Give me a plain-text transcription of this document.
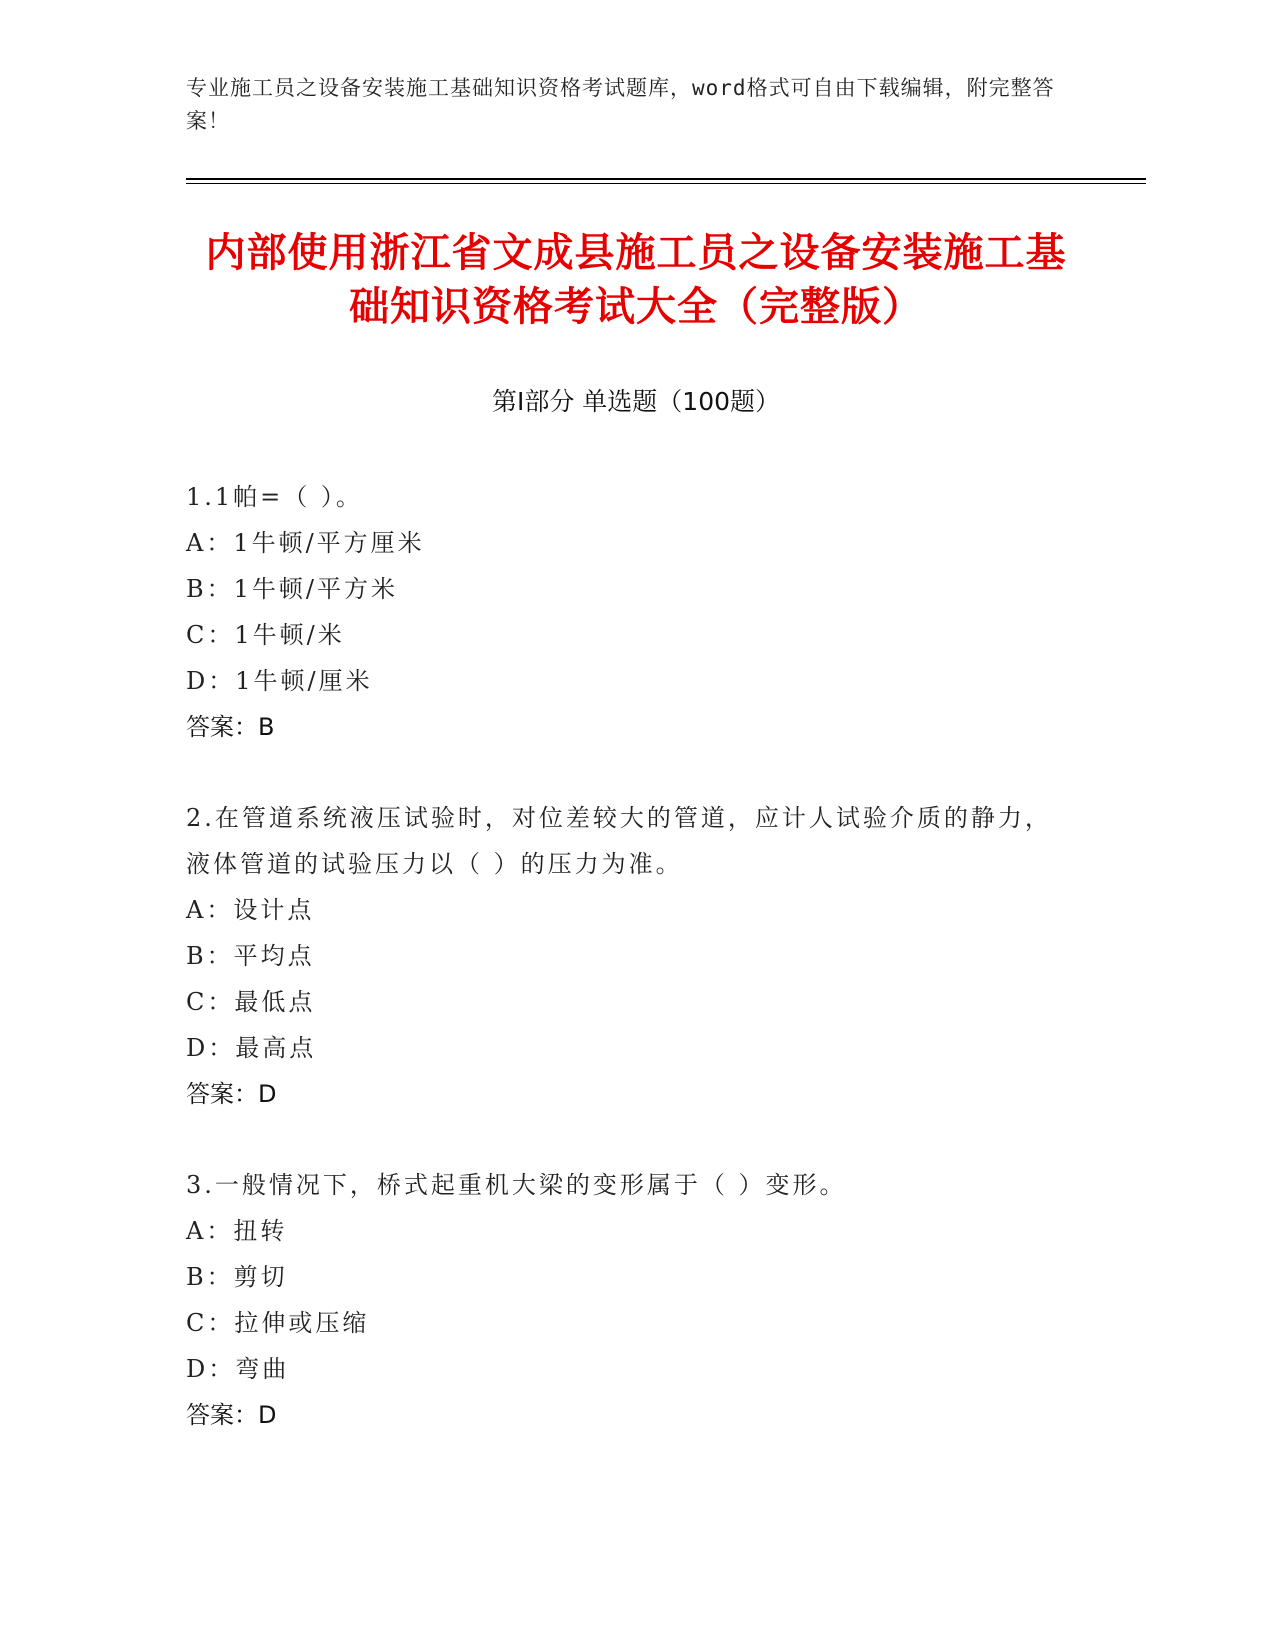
专业施工员之设备安装施工基础知识资格考试题库，word格式可自由下载编辑，附完整答案！
内部使用浙江省文成县施工员之设备安装施工基础知识资格考试大全（完整版）
第Ⅰ部分 单选题（100题）
1.1帕=（ ）。
A：1牛顿/平方厘米
B：1牛顿/平方米
C：1牛顿/米
D：1牛顿/厘米
答案：B
2.在管道系统液压试验时，对位差较大的管道，应计人试验介质的静力，液体管道的试验压力以（ ）的压力为准。
A：设计点
B：平均点
C：最低点
D：最高点
答案：D
3.一般情况下，桥式起重机大梁的变形属于（ ）变形。
A：扭转
B：剪切
C：拉伸或压缩
D：弯曲
答案：D
